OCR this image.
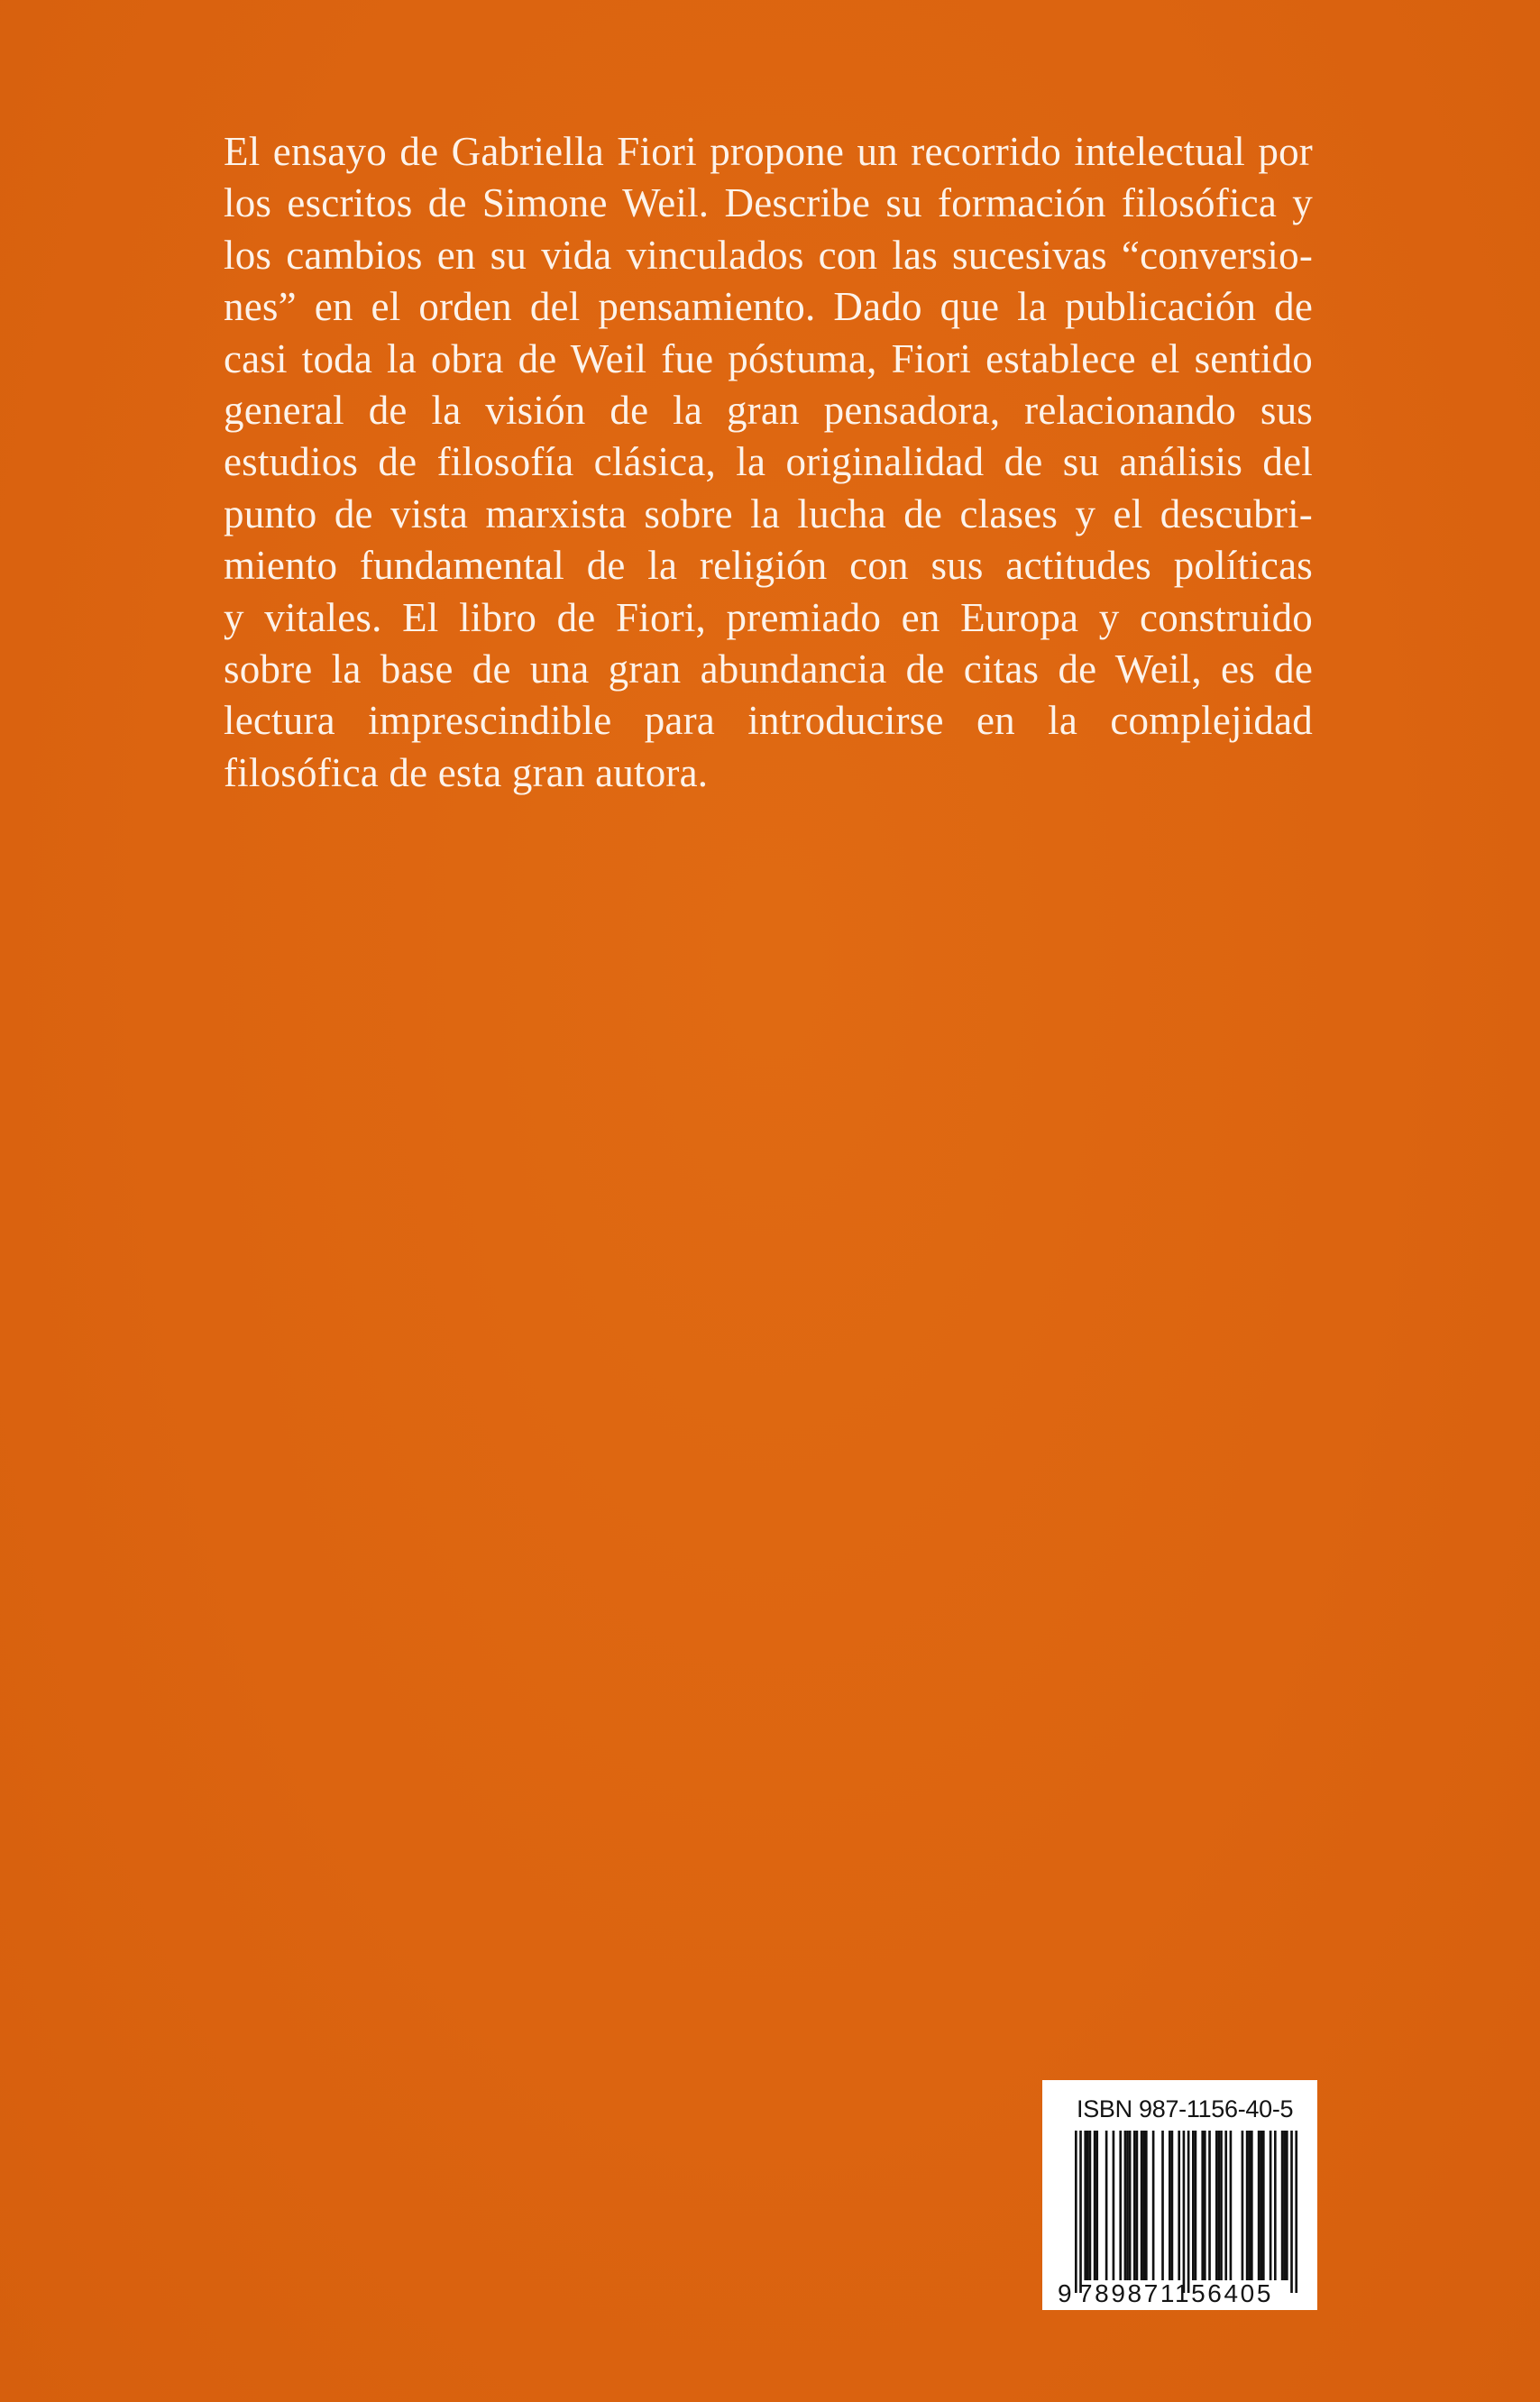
El ensayo de Gabriella Fiori propone un recorrido intelectual por
los escritos de Simone Weil. Describe su formación filosófica y
los cambios en su vida vinculados con las sucesivas “conversio-
nes” en el orden del pensamiento. Dado que la publicación de
casi toda la obra de Weil fue póstuma, Fiori establece el sentido
general de la visión de la gran pensadora, relacionando sus
estudios de filosofía clásica, la originalidad de su análisis del
punto de vista marxista sobre la lucha de clases y el descubri-
miento fundamental de la religión con sus actitudes políticas
y vitales. El libro de Fiori, premiado en Europa y construido
sobre la base de una gran abundancia de citas de Weil, es de
lectura imprescindible para introducirse en la complejidad
filosófica de esta gran autora.
ISBN 987-1156-40-5
9 789871156405
